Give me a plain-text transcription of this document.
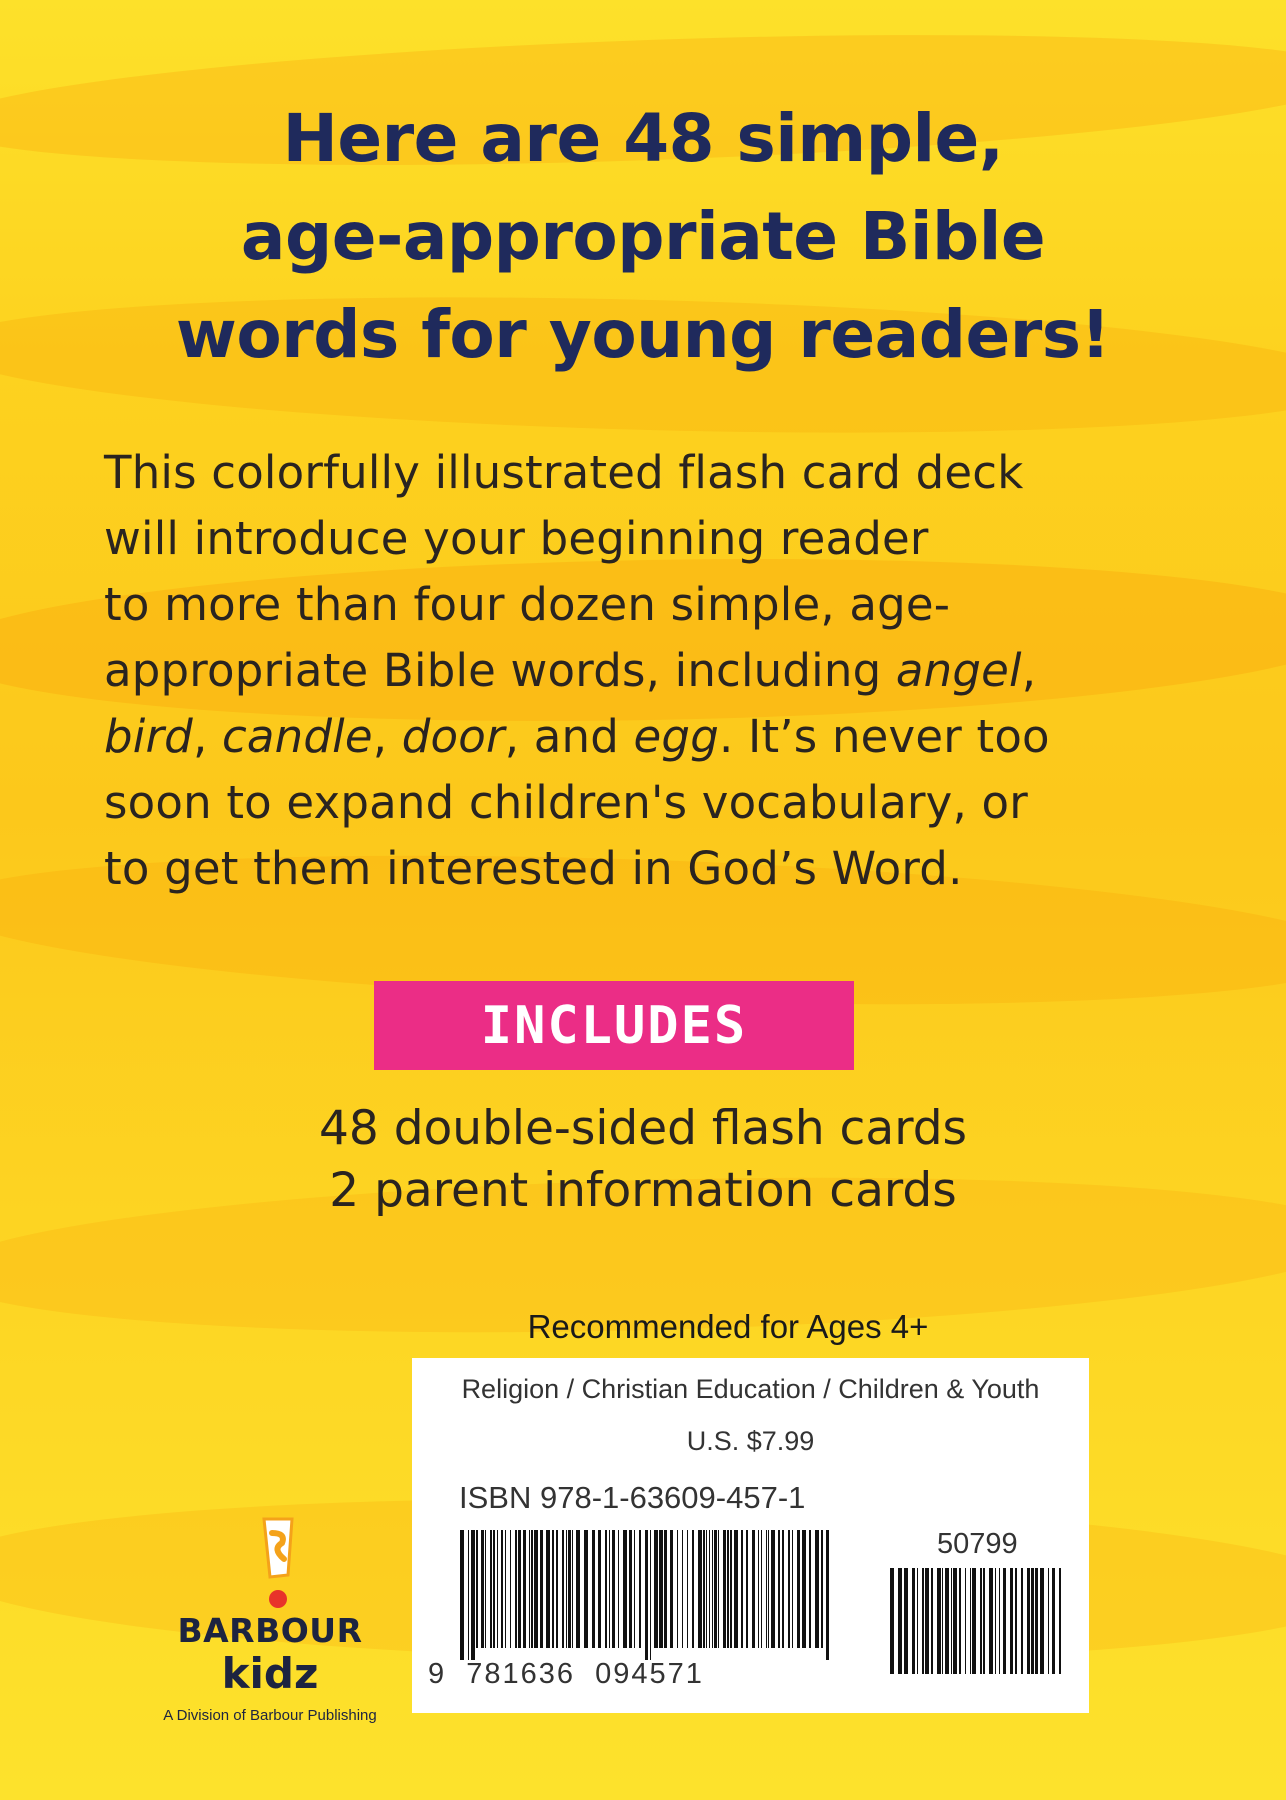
Here are 48 simple,
age-appropriate Bible
words for young readers!

This colorfully illustrated flash card deck
will introduce your beginning reader
to more than four dozen simple, age-
appropriate Bible words, including angel,
bird, candle, door, and egg. It’s never too
soon to expand children's vocabulary, or
to get them interested in God’s Word.

INCLUDES

48 double-sided flash cards
2 parent information cards

Recommended for Ages 4+

Religion / Christian Education / Children & Youth
U.S. $7.99
ISBN 978-1-63609-457-1
50799
9  781636  094571
BARBOUR
kidz
A Division of Barbour Publishing
